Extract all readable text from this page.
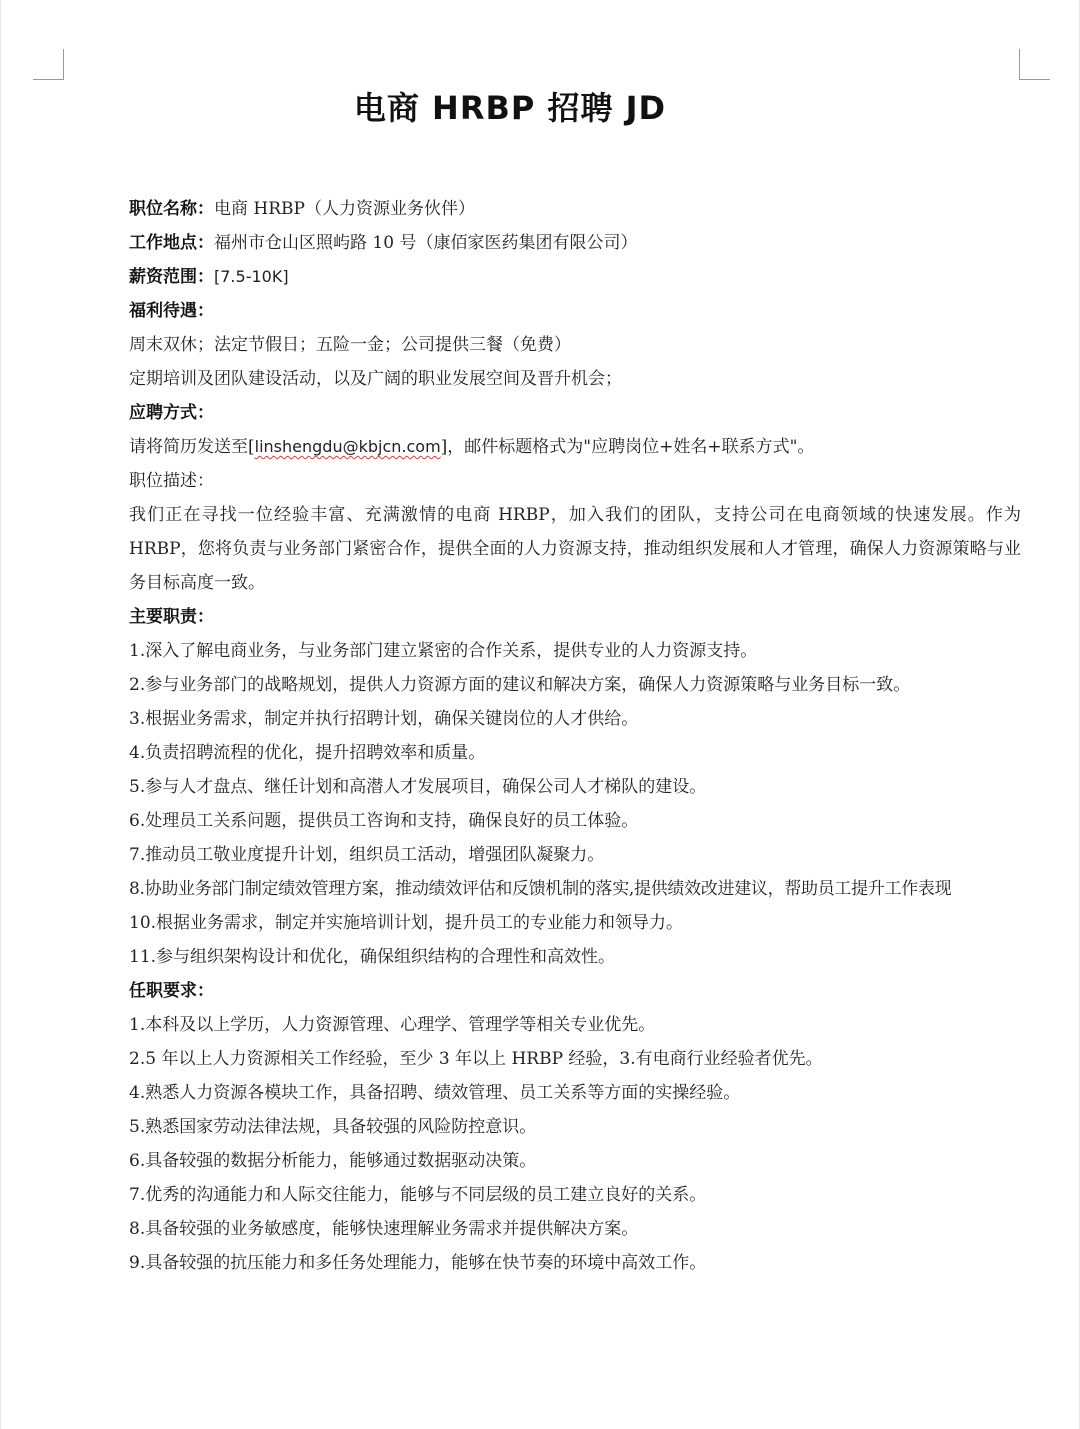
电商 HRBP 招聘 JD
职位名称：电商 HRBP（人力资源业务伙伴）
工作地点：福州市仓山区照屿路 10 号（康佰家医药集团有限公司）
薪资范围：[7.5-10K]
福利待遇：
周末双休；法定节假日；五险一金；公司提供三餐（免费）
定期培训及团队建设活动，以及广阔的职业发展空间及晋升机会；
应聘方式：
请将简历发送至[linshengdu@kbjcn.com]，邮件标题格式为"应聘岗位+姓名+联系方式"。
职位描述：
我们正在寻找一位经验丰富、充满激情的电商 HRBP，加入我们的团队，支持公司在电商领域的快速发展。作为 HRBP，您将负责与业务部门紧密合作，提供全面的人力资源支持，推动组织发展和人才管理，确保人力资源策略与业务目标高度一致。
主要职责：
1.深入了解电商业务，与业务部门建立紧密的合作关系，提供专业的人力资源支持。
2.参与业务部门的战略规划，提供人力资源方面的建议和解决方案，确保人力资源策略与业务目标一致。
3.根据业务需求，制定并执行招聘计划，确保关键岗位的人才供给。
4.负责招聘流程的优化，提升招聘效率和质量。
5.参与人才盘点、继任计划和高潜人才发展项目，确保公司人才梯队的建设。
6.处理员工关系问题，提供员工咨询和支持，确保良好的员工体验。
7.推动员工敬业度提升计划，组织员工活动，增强团队凝聚力。
8.协助业务部门制定绩效管理方案，推动绩效评估和反馈机制的落实,提供绩效改进建议，帮助员工提升工作表现
10.根据业务需求，制定并实施培训计划，提升员工的专业能力和领导力。
11.参与组织架构设计和优化，确保组织结构的合理性和高效性。
任职要求：
1.本科及以上学历，人力资源管理、心理学、管理学等相关专业优先。
2.5 年以上人力资源相关工作经验，至少 3 年以上 HRBP 经验，3.有电商行业经验者优先。
4.熟悉人力资源各模块工作，具备招聘、绩效管理、员工关系等方面的实操经验。
5.熟悉国家劳动法律法规，具备较强的风险防控意识。
6.具备较强的数据分析能力，能够通过数据驱动决策。
7.优秀的沟通能力和人际交往能力，能够与不同层级的员工建立良好的关系。
8.具备较强的业务敏感度，能够快速理解业务需求并提供解决方案。
9.具备较强的抗压能力和多任务处理能力，能够在快节奏的环境中高效工作。
